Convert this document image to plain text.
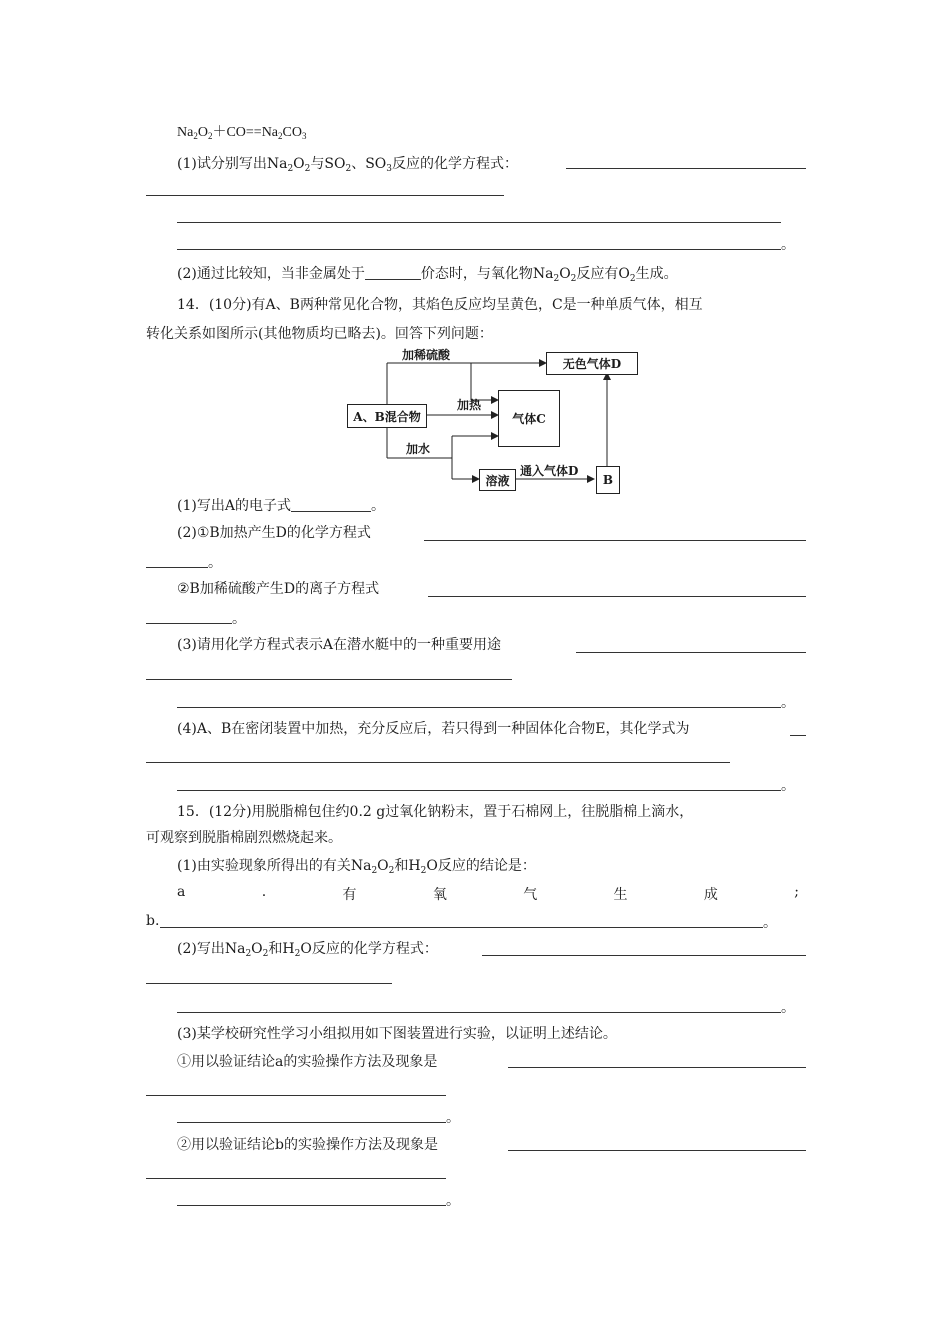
$Na_2O_2+CO==Na_2CO_3$
(1)试分别写出$Na_2O_2$与$SO_2$、$SO_3$反应的化学方程式：
。
(2)通过比较知，当非金属处于	价态时，与氧化物$Na_2O_2$反应有$O_2$生成。
14．(10分)有A、B两种常见化合物，其焰色反应均呈黄色，C是一种单质气体，相互
转化关系如图所示(其他物质均已略去)。回答下列问题：
A、B混合物
无色气体D
气体C
溶液	B
加稀硫酸
加热
加水
通入气体D
(1)写出A的电子式	。
(2)①B加热产生D的化学方程式
。
②B加稀硫酸产生D的离子方程式
。
(3)请用化学方程式表示A在潜水艇中的一种重要用途
。
(4)A、B在密闭装置中加热，充分反应后，若只得到一种固体化合物E，其化学式为
。
15．(12分)用脱脂棉包住约0.2 g过氧化钠粉末，置于石棉网上，往脱脂棉上滴水，
可观察到脱脂棉剧烈燃烧起来。
(1)由实验现象所得出的有关$Na_2O_2$和$H_2O$反应的结论是：
a	.	有	氧	气	生	成	;
b.	。
(2)写出$Na_2O_2$和$H_2O$反应的化学方程式：
。
(3)某学校研究性学习小组拟用如下图装置进行实验，以证明上述结论。
①用以验证结论a的实验操作方法及现象是
。
②用以验证结论b的实验操作方法及现象是
。
